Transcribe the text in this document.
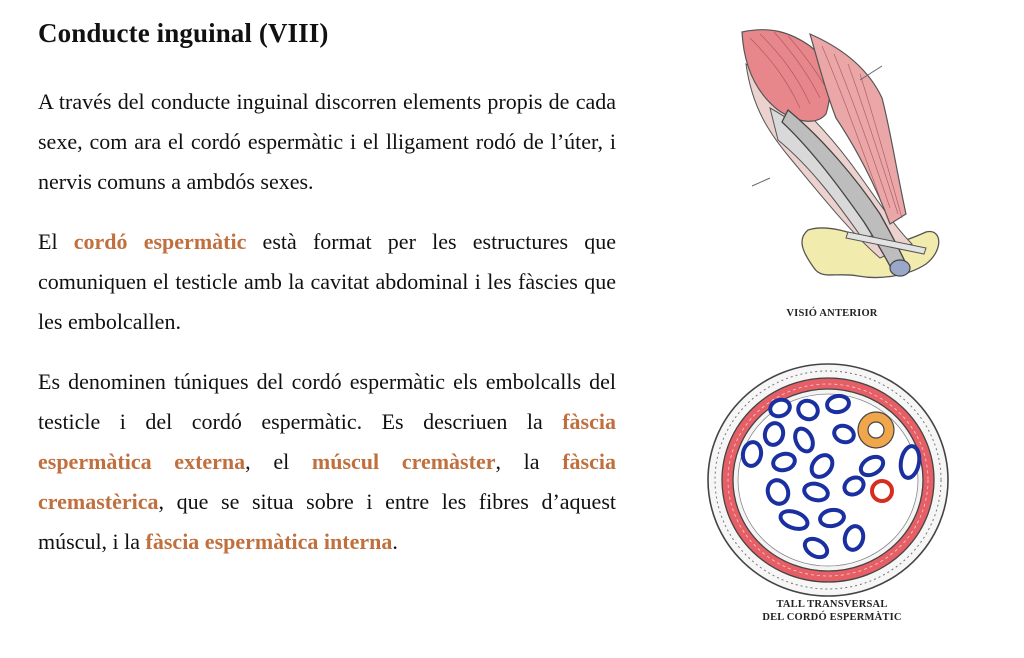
Conducte inguinal (VIII)

A través del conducte inguinal discorren elements propis de cada sexe, com ara el cordó espermàtic i el lligament rodó de l’úter, i nervis comuns a ambdós sexes.

El cordó espermàtic està format per les estructures que comuniquen el testicle amb la cavitat abdominal i les fàscies que les embolcallen.

Es denominen túniques del cordó espermàtic els embolcalls del testicle i del cordó espermàtic. Es descriuen la fàscia espermàtica externa, el múscul cremàster, la fàscia cremastèrica, que se situa sobre i entre les fibres d’aquest múscul, i la fàscia espermàtica interna.

VISIÓ ANTERIOR
TALL TRANSVERSAL
DEL CORDÓ ESPERMÀTIC
